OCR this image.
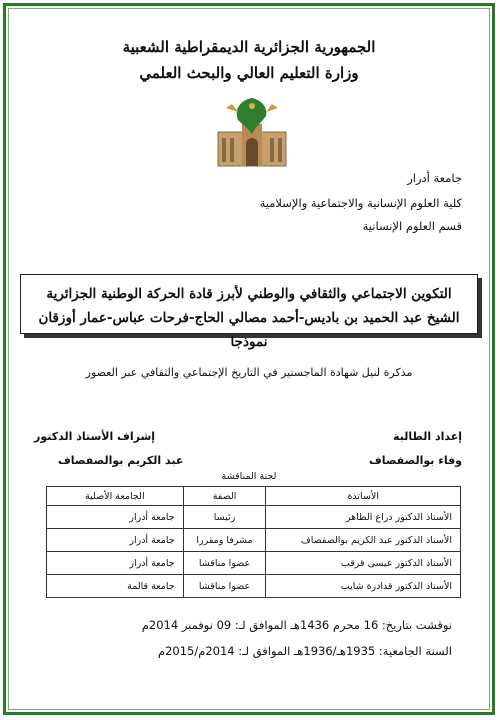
الجمهورية الجزائرية الديمقراطية الشعبية
وزارة التعليم العالي والبحث العلمي
جامعة أدرار
كلية العلوم الإنسانية والاجتماعية والإسلامية
قسم العلوم الإنسانية
التكوين الاجتماعي والثقافي والوطني لأبرز قادة الحركة الوطنية الجزائرية
الشيخ عبد الحميد بن باديس-أحمد مصالي الحاج-فرحات عباس-عمار أوزقان نموذجا
مذكرة لنيل شهادة الماجستير في التاريخ الإجتماعي والثقافي عبر العصور
إعداد الطالبة
وفاء بوالصفصاف
إشراف الأستاذ الدكتور
عبد الكريم بوالصفصاف
لجنة المناقشة
الأساتذة	الصفة	الجامعة الأصلية
الأستاذ الدكتور دراع الطاهر	رئيسا	جامعة أدرار
الأستاذ الدكتور عبد الكريم بوالصفصاف	مشرفا ومقررا	جامعة أدرار
الأستاذ الدكتور عيسى قرقب	عضوا مناقشا	جامعة أدرار
الأستاذ الدكتور قدادرة شايب	عضوا مناقشا	جامعة قالمة
نوقشت بتاريخ: 16 محرم 1436هـ الموافق لـ: 09 نوفمبر 2014م
السنة الجامعية: 1935هـ/1936هـ الموافق لـ: 2014م/2015م
